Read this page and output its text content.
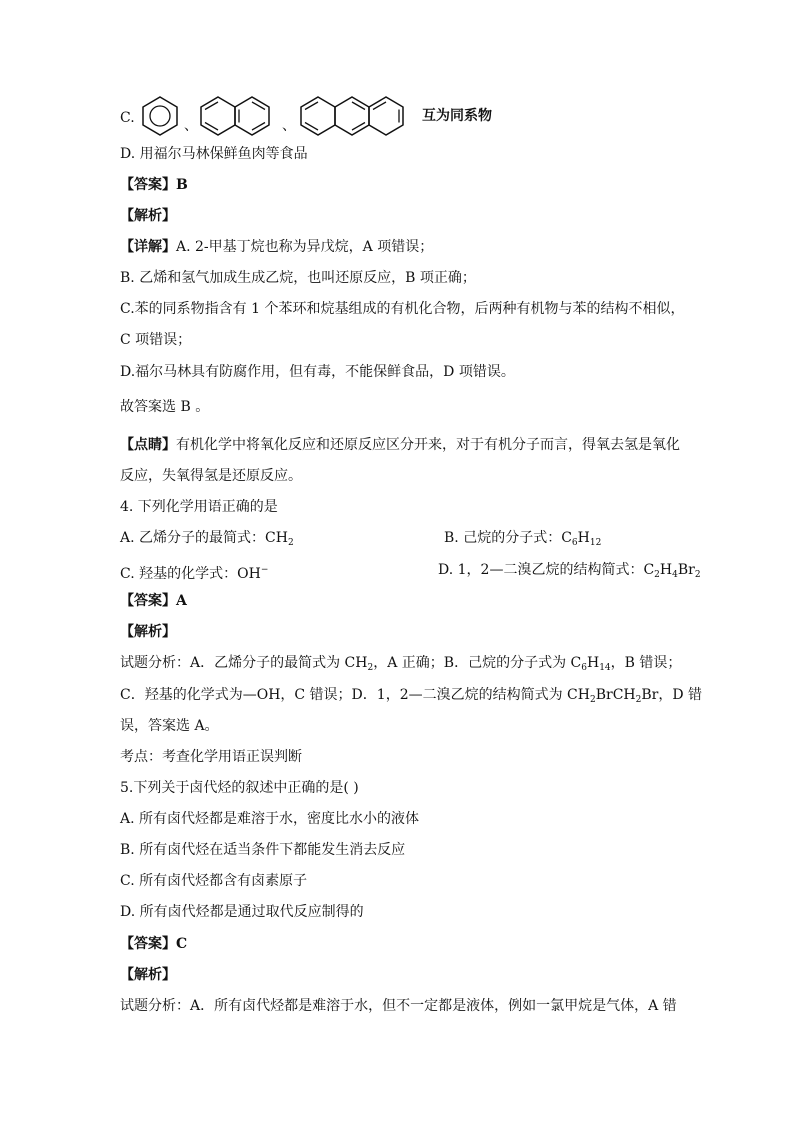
C.	、	、
互为同系物
D. 用福尔马林保鲜鱼肉等食品
【答案】B
【解析】
【详解】A. 2-甲基丁烷也称为异戊烷，A 项错误；
B. 乙烯和氢气加成生成乙烷，也叫还原反应，B 项正确；
C.苯的同系物指含有 1 个苯环和烷基组成的有机化合物，后两种有机物与苯的结构不相似，
C 项错误；
D.福尔马林具有防腐作用，但有毒，不能保鲜食品，D 项错误。
故答案选 B 。
【点睛】有机化学中将氧化反应和还原反应区分开来，对于有机分子而言，得氧去氢是氧化
反应，失氧得氢是还原反应。
4. 下列化学用语正确的是
A. 乙烯分子的最简式：$CH_2$	B. 己烷的分子式：$C_6H_{12}$
C. 羟基的化学式：OH−	D. 1，2—二溴乙烷的结构简式：$C_2H_4Br_2$
【答案】A
【解析】
试题分析：A．乙烯分子的最简式为 $CH_2$，A 正确；B．己烷的分子式为 $C_6H_{14}$，B 错误；
C．羟基的化学式为—OH，C 错误；D．1，2—二溴乙烷的结构简式为 $CH_2BrCH_2Br$，D 错
误，答案选 A。
考点：考查化学用语正误判断
5.下列关于卤代烃的叙述中正确的是( )
A. 所有卤代烃都是难溶于水，密度比水小的液体
B. 所有卤代烃在适当条件下都能发生消去反应
C. 所有卤代烃都含有卤素原子
D. 所有卤代烃都是通过取代反应制得的
【答案】C
【解析】
试题分析：A．所有卤代烃都是难溶于水，但不一定都是液体，例如一氯甲烷是气体，A 错
